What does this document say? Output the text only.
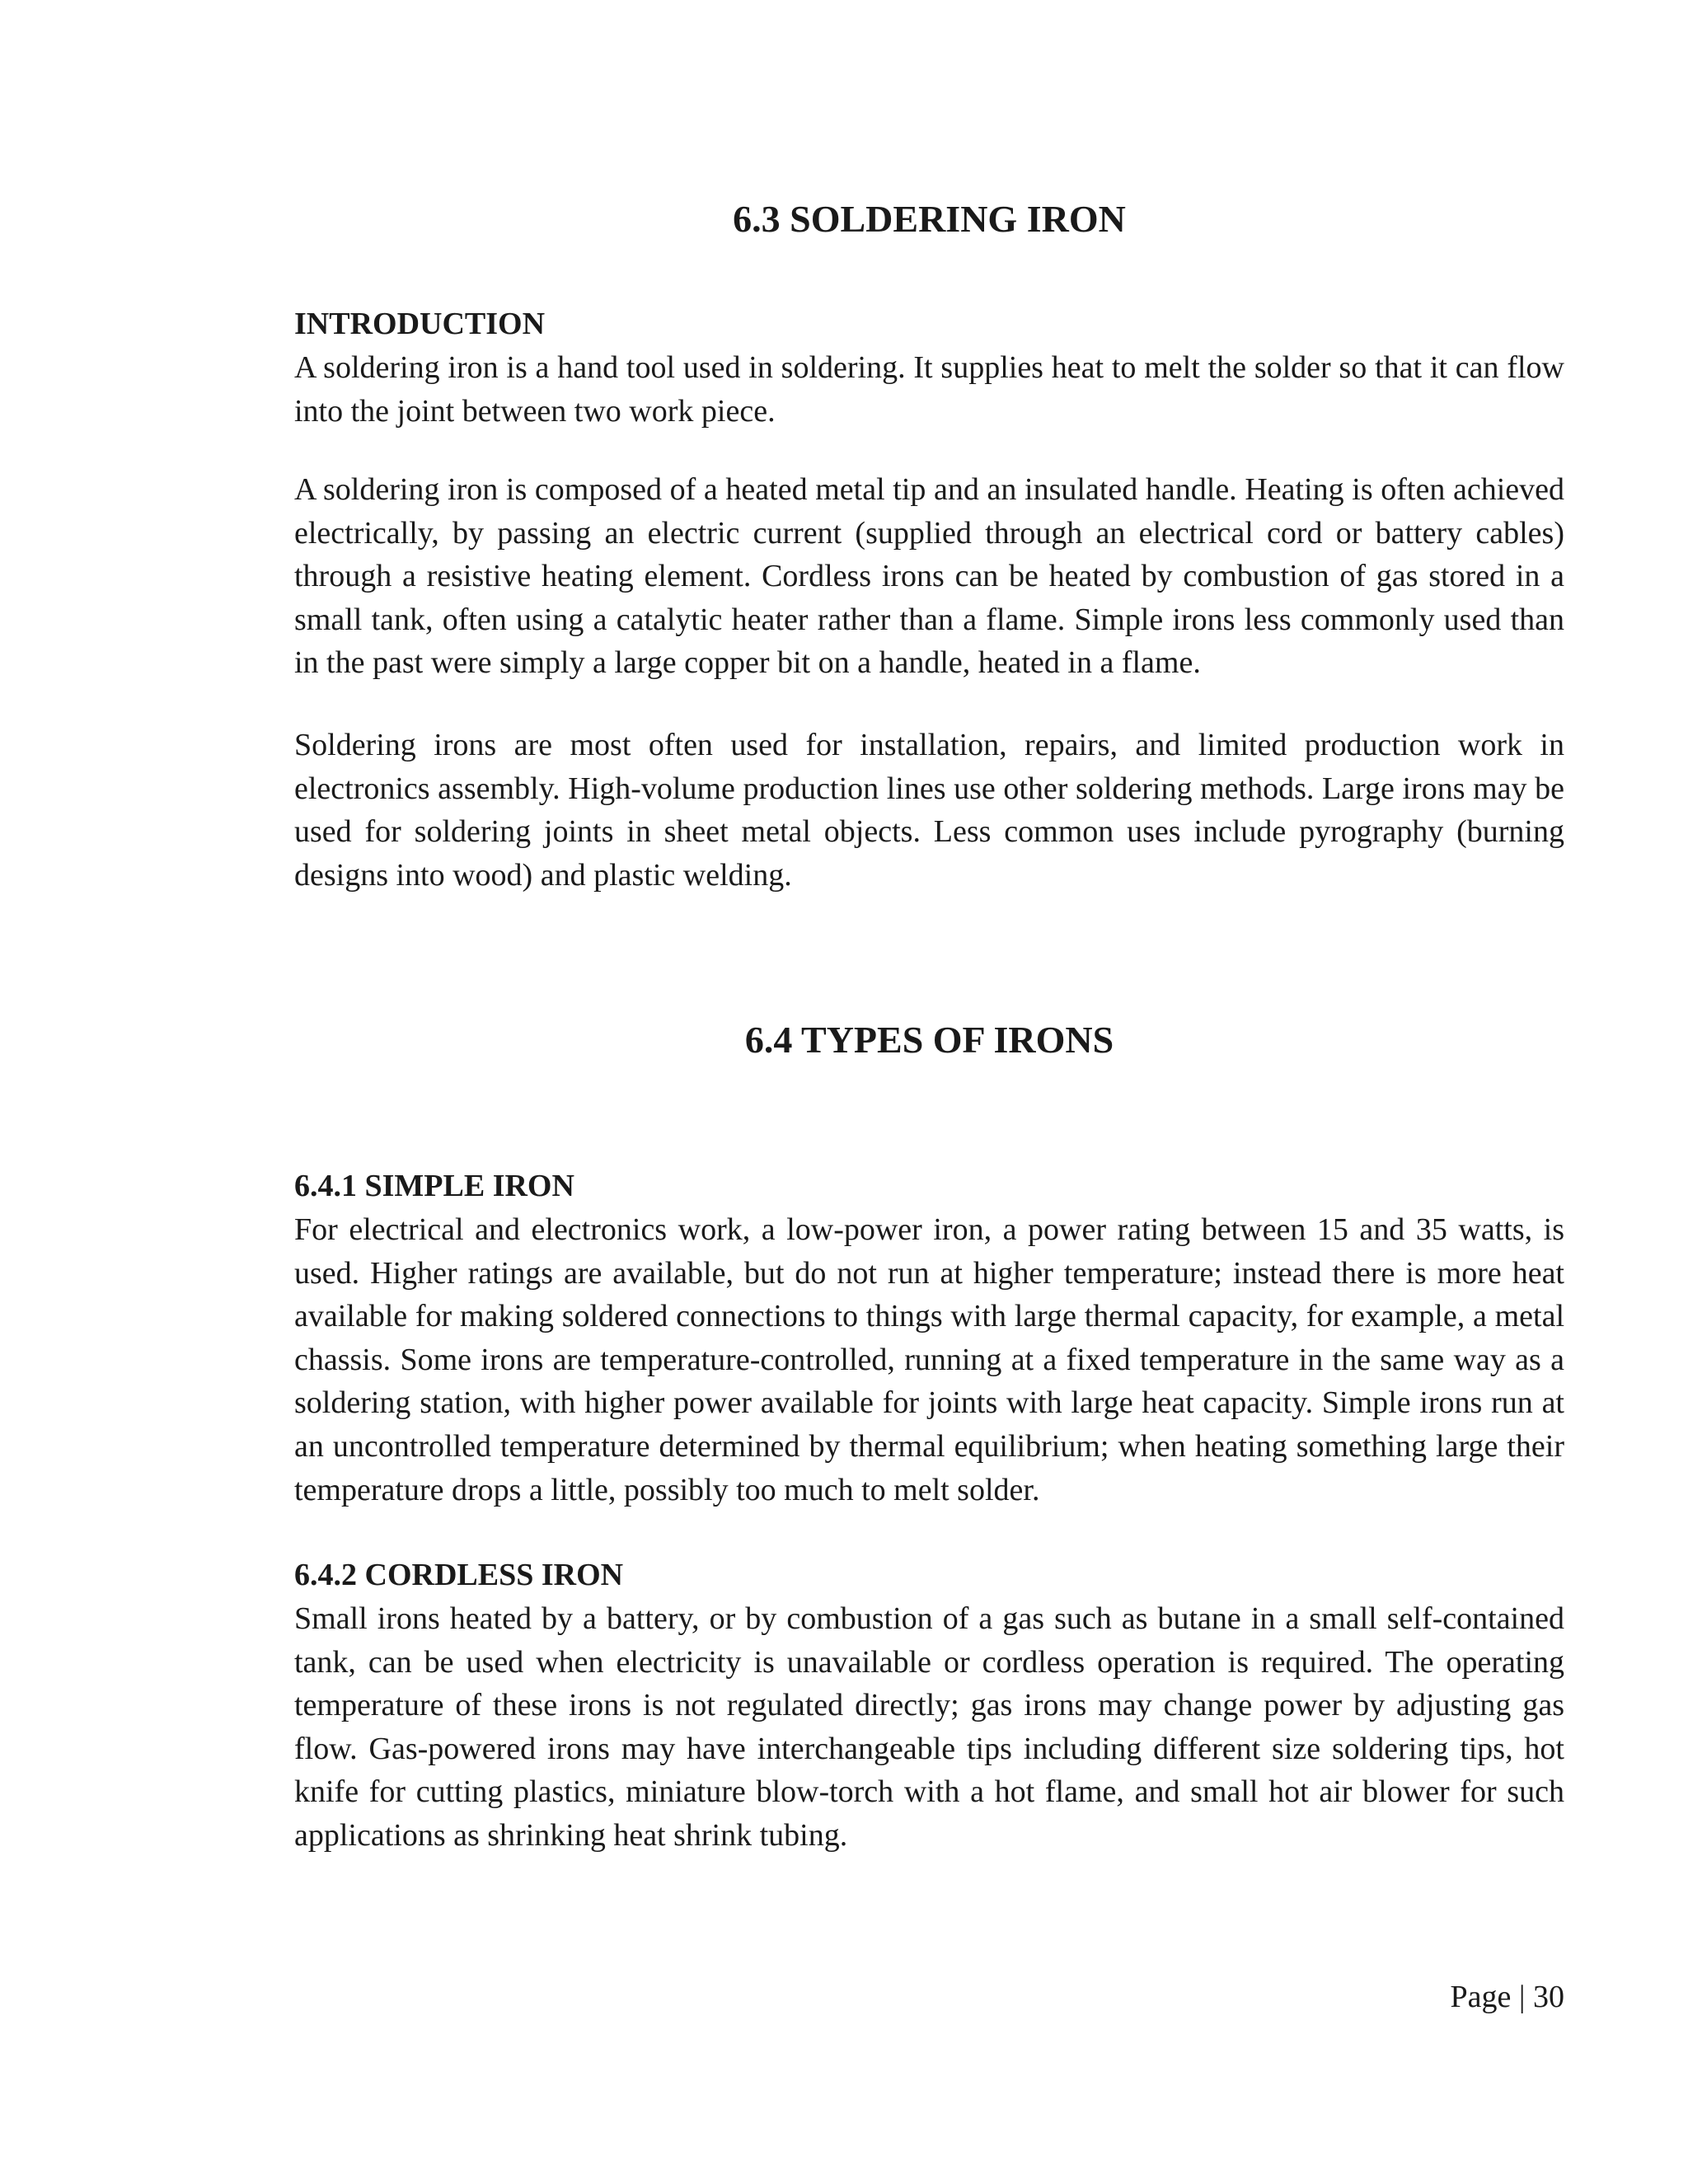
6.3 SOLDERING IRON
INTRODUCTION

A soldering iron is a hand tool used in soldering. It supplies heat to melt the solder so that it can flow into the joint between two work piece.

A soldering iron is composed of a heated metal tip and an insulated handle. Heating is often achieved electrically, by passing an electric current (supplied through an electrical cord or battery cables) through a resistive heating element. Cordless irons can be heated by combustion of gas stored in a small tank, often using a catalytic heater rather than a flame. Simple irons less commonly used than in the past were simply a large copper bit on a handle, heated in a flame.

Soldering irons are most often used for installation, repairs, and limited production work in electronics assembly. High-volume production lines use other soldering methods. Large irons may be used for soldering joints in sheet metal objects. Less common uses include pyrography (burning designs into wood) and plastic welding.

6.4 TYPES OF IRONS
6.4.1 SIMPLE IRON

For electrical and electronics work, a low-power iron, a power rating between 15 and 35 watts, is used. Higher ratings are available, but do not run at higher temperature; instead there is more heat available for making soldered connections to things with large thermal capacity, for example, a metal chassis. Some irons are temperature-controlled, running at a fixed temperature in the same way as a soldering station, with higher power available for joints with large heat capacity. Simple irons run at an uncontrolled temperature determined by thermal equilibrium; when heating something large their temperature drops a little, possibly too much to melt solder.

6.4.2 CORDLESS IRON

Small irons heated by a battery, or by combustion of a gas such as butane in a small self-contained tank, can be used when electricity is unavailable or cordless operation is required. The operating temperature of these irons is not regulated directly; gas irons may change power by adjusting gas flow. Gas-powered irons may have interchangeable tips including different size soldering tips, hot knife for cutting plastics, miniature blow-torch with a hot flame, and small hot air blower for such applications as shrinking heat shrink tubing.

Page | 30
